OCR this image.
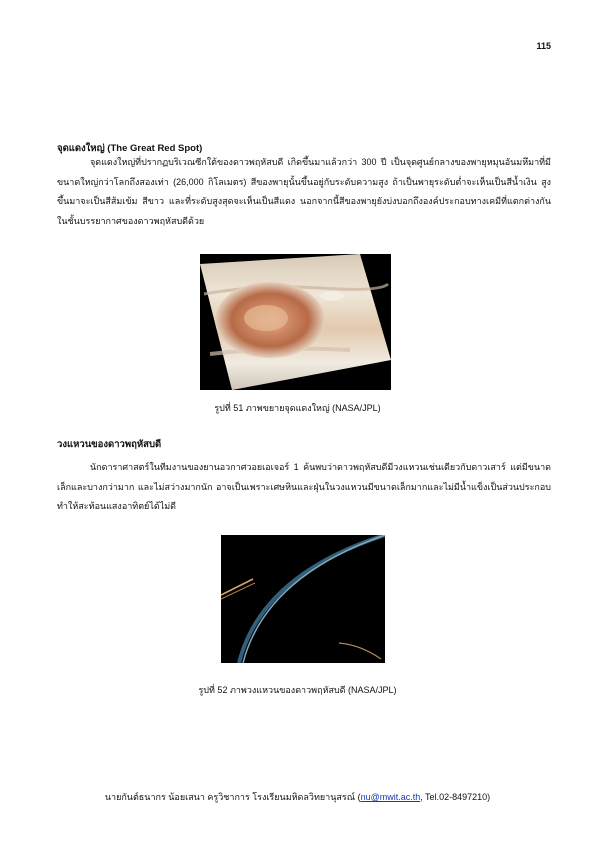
115
จุดแดงใหญ่ (The Great Red Spot)

จุดแดงใหญ่ที่ปรากฏบริเวณซีกใต้ของดาวพฤหัสบดี เกิดขึ้นมาแล้วกว่า 300 ปี เป็นจุดศูนย์กลางของพายุหมุนอันมหึมาที่มีขนาดใหญ่กว่าโลกถึงสองเท่า (26,000 กิโลเมตร) สีของพายุนั้นขึ้นอยู่กับระดับความสูง ถ้าเป็นพายุระดับต่ำจะเห็นเป็นสีน้ำเงิน สูงขึ้นมาจะเป็นสีส้มเข้ม สีขาว และที่ระดับสูงสุดจะเห็นเป็นสีแดง นอกจากนี้สีของพายุยังบ่งบอกถึงองค์ประกอบทางเคมีที่แตกต่างกันในชั้นบรรยากาศของดาวพฤหัสบดีด้วย

รูปที่ 51 ภาพขยายจุดแดงใหญ่ (NASA/JPL)
วงแหวนของดาวพฤหัสบดี

นักดาราศาสตร์ในทีมงานของยานอวกาศวอยเอเจอร์ 1 ค้นพบว่าดาวพฤหัสบดีมีวงแหวนเช่นเดียวกับดาวเสาร์ แต่มีขนาดเล็กและบางกว่ามาก และไม่สว่างมากนัก อาจเป็นเพราะเศษหินและฝุ่นในวงแหวนมีขนาดเล็กมากและไม่มีน้ำแข็งเป็นส่วนประกอบทำให้สะท้อนแสงอาทิตย์ได้ไม่ดี

รูปที่ 52 ภาพวงแหวนของดาวพฤหัสบดี (NASA/JPL)
นายกันต์ธนากร น้อยเสนา ครูวิชาการ โรงเรียนมหิดลวิทยานุสรณ์ (nu@mwit.ac.th, Tel.02-8497210)
